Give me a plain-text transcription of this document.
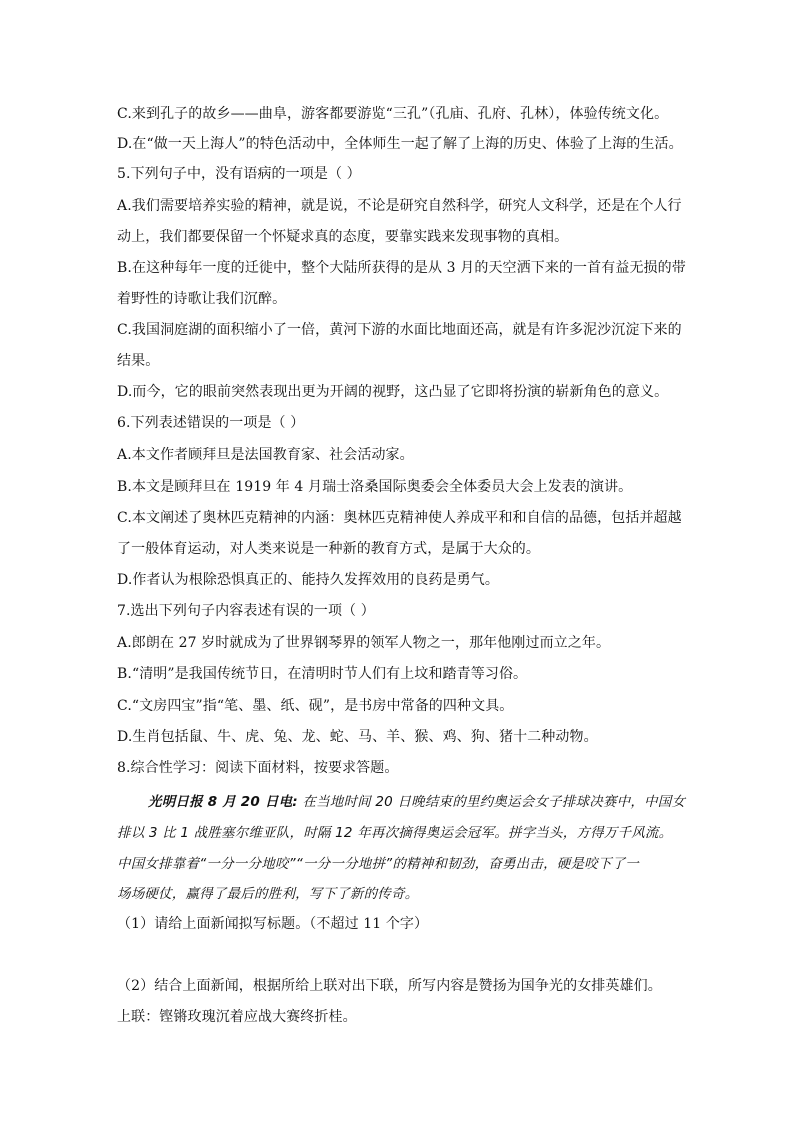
C.来到孔子的故乡——曲阜，游客都要游览“三孔”（孔庙、孔府、孔林），体验传统文化。
D.在“做一天上海人”的特色活动中，全体师生一起了解了上海的历史、体验了上海的生活。
5.下列句子中，没有语病的一项是（ ）
A.我们需要培养实验的精神，就是说，不论是研究自然科学，研究人文科学，还是在个人行
动上，我们都要保留一个怀疑求真的态度，要靠实践来发现事物的真相。
B.在这种每年一度的迁徙中，整个大陆所获得的是从 3 月的天空洒下来的一首有益无损的带
着野性的诗歌让我们沉醉。
C.我国洞庭湖的面积缩小了一倍，黄河下游的水面比地面还高，就是有许多泥沙沉淀下来的
结果。
D.而今，它的眼前突然表现出更为开阔的视野，这凸显了它即将扮演的崭新角色的意义。
6.下列表述错误的一项是（ ）
A.本文作者顾拜旦是法国教育家、社会活动家。
B.本文是顾拜旦在 1919 年 4 月瑞士洛桑国际奥委会全体委员大会上发表的演讲。
C.本文阐述了奥林匹克精神的内涵：奥林匹克精神使人养成平和和自信的品德，包括并超越
了一般体育运动，对人类来说是一种新的教育方式，是属于大众的。
D.作者认为根除恐惧真正的、能持久发挥效用的良药是勇气。
7.选出下列句子内容表述有误的一项（ ）
A.郎朗在 27 岁时就成为了世界钢琴界的领军人物之一，那年他刚过而立之年。
B.“清明”是我国传统节日，在清明时节人们有上坟和踏青等习俗。
C.“文房四宝”指“笔、墨、纸、砚”，是书房中常备的四种文具。
D.生肖包括鼠、牛、虎、兔、龙、蛇、马、羊、猴、鸡、狗、猪十二种动物。
8.综合性学习：阅读下面材料，按要求答题。
光明日报 8 月 20 日电: 在当地时间 20 日晚结束的里约奥运会女子排球决赛中，中国女
排以 3 比 1 战胜塞尔维亚队，时隔 12 年再次摘得奥运会冠军。拼字当头，方得万千风流。
中国女排靠着“一分一分地咬”“一分一分地拼”的精神和韧劲，奋勇出击，硬是咬下了一
场场硬仗，赢得了最后的胜利，写下了新的传奇。
（1）请给上面新闻拟写标题。（不超过 11 个字）
（2）结合上面新闻，根据所给上联对出下联，所写内容是赞扬为国争光的女排英雄们。
上联：铿锵玫瑰沉着应战大赛终折桂。
